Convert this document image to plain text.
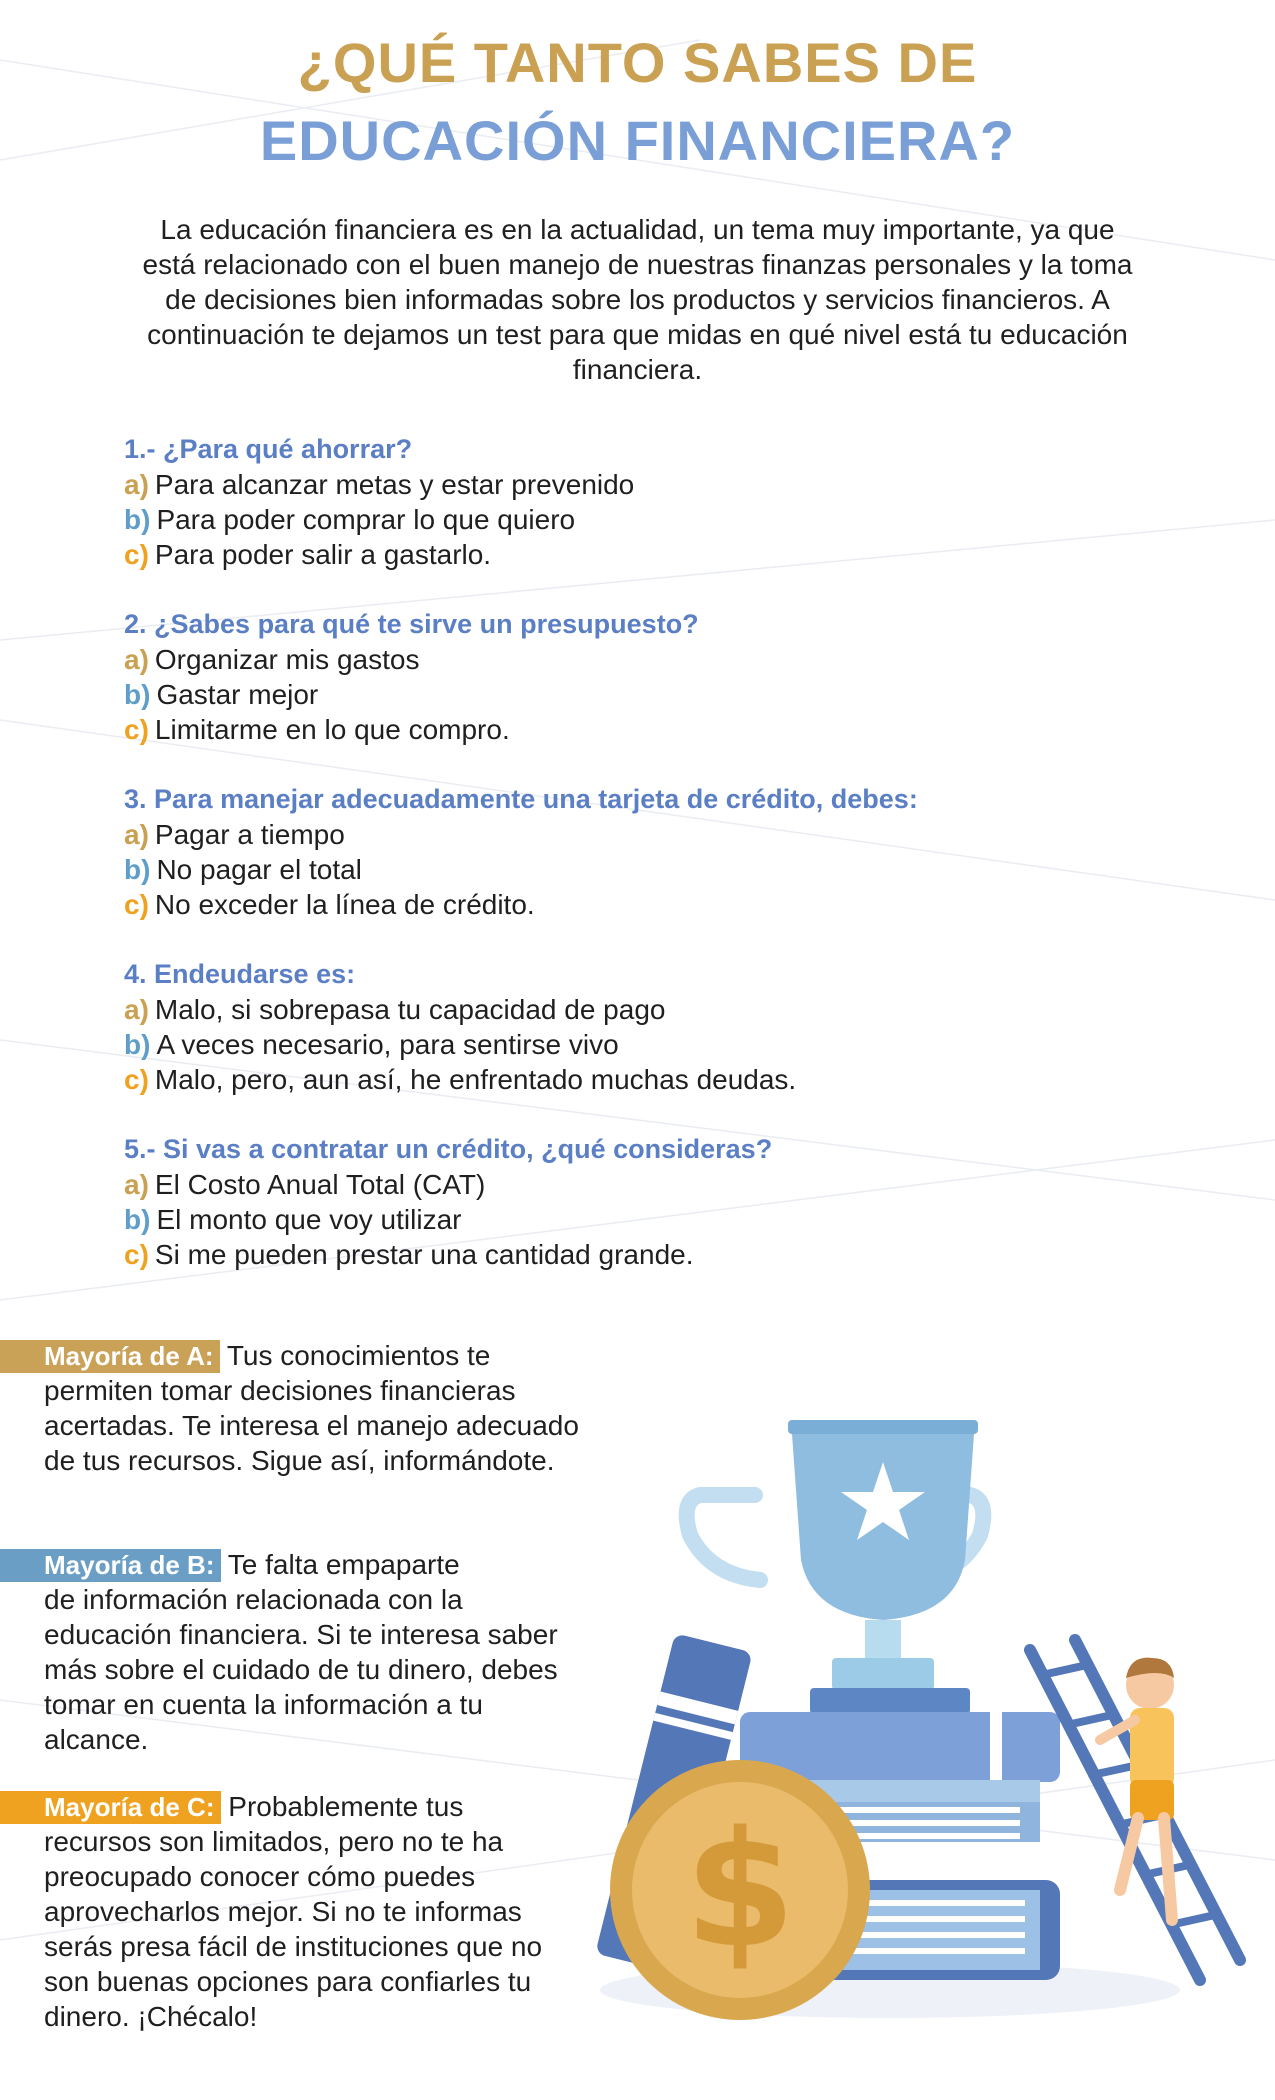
¿QUÉ TANTO SABES DE
EDUCACIÓN FINANCIERA?
La educación financiera es en la actualidad, un tema muy importante, ya que está relacionado con el buen manejo de nuestras finanzas personales y la toma de decisiones bien informadas sobre los productos y servicios financieros. A continuación te dejamos un test para que midas en qué nivel está tu educación financiera.
1.- ¿Para qué ahorrar?
a) Para alcanzar metas y estar prevenido
b) Para poder comprar lo que quiero
c) Para poder salir a gastarlo.
2. ¿Sabes para qué te sirve un presupuesto?
a) Organizar mis gastos
b) Gastar mejor
c) Limitarme en lo que compro.
3. Para manejar adecuadamente una tarjeta de crédito, debes:
a) Pagar a tiempo
b) No pagar el total
c) No exceder la línea de crédito.
4. Endeudarse es:
a) Malo, si sobrepasa tu capacidad de pago
b) A veces necesario, para sentirse vivo
c) Malo, pero, aun así, he enfrentado muchas deudas.
5.- Si vas a contratar un crédito, ¿qué consideras?
a) El Costo Anual Total (CAT)
b) El monto que voy utilizar
c) Si me pueden prestar una cantidad grande.
Mayoría de A: Tus conocimientos te
permiten tomar decisiones financieras acertadas. Te interesa el manejo adecuado de tus recursos. Sigue así, informándote.
Mayoría de B: Te falta empaparte
de información relacionada con la educación financiera. Si te interesa saber más sobre el cuidado de tu dinero, debes tomar en cuenta la información a tu alcance.
Mayoría de C: Probablemente tus
recursos son limitados, pero no te ha preocupado conocer cómo puedes aprovecharlos mejor. Si no te informas serás presa fácil de instituciones que no son buenas opciones para confiarles tu dinero. ¡Chécalo!
$
